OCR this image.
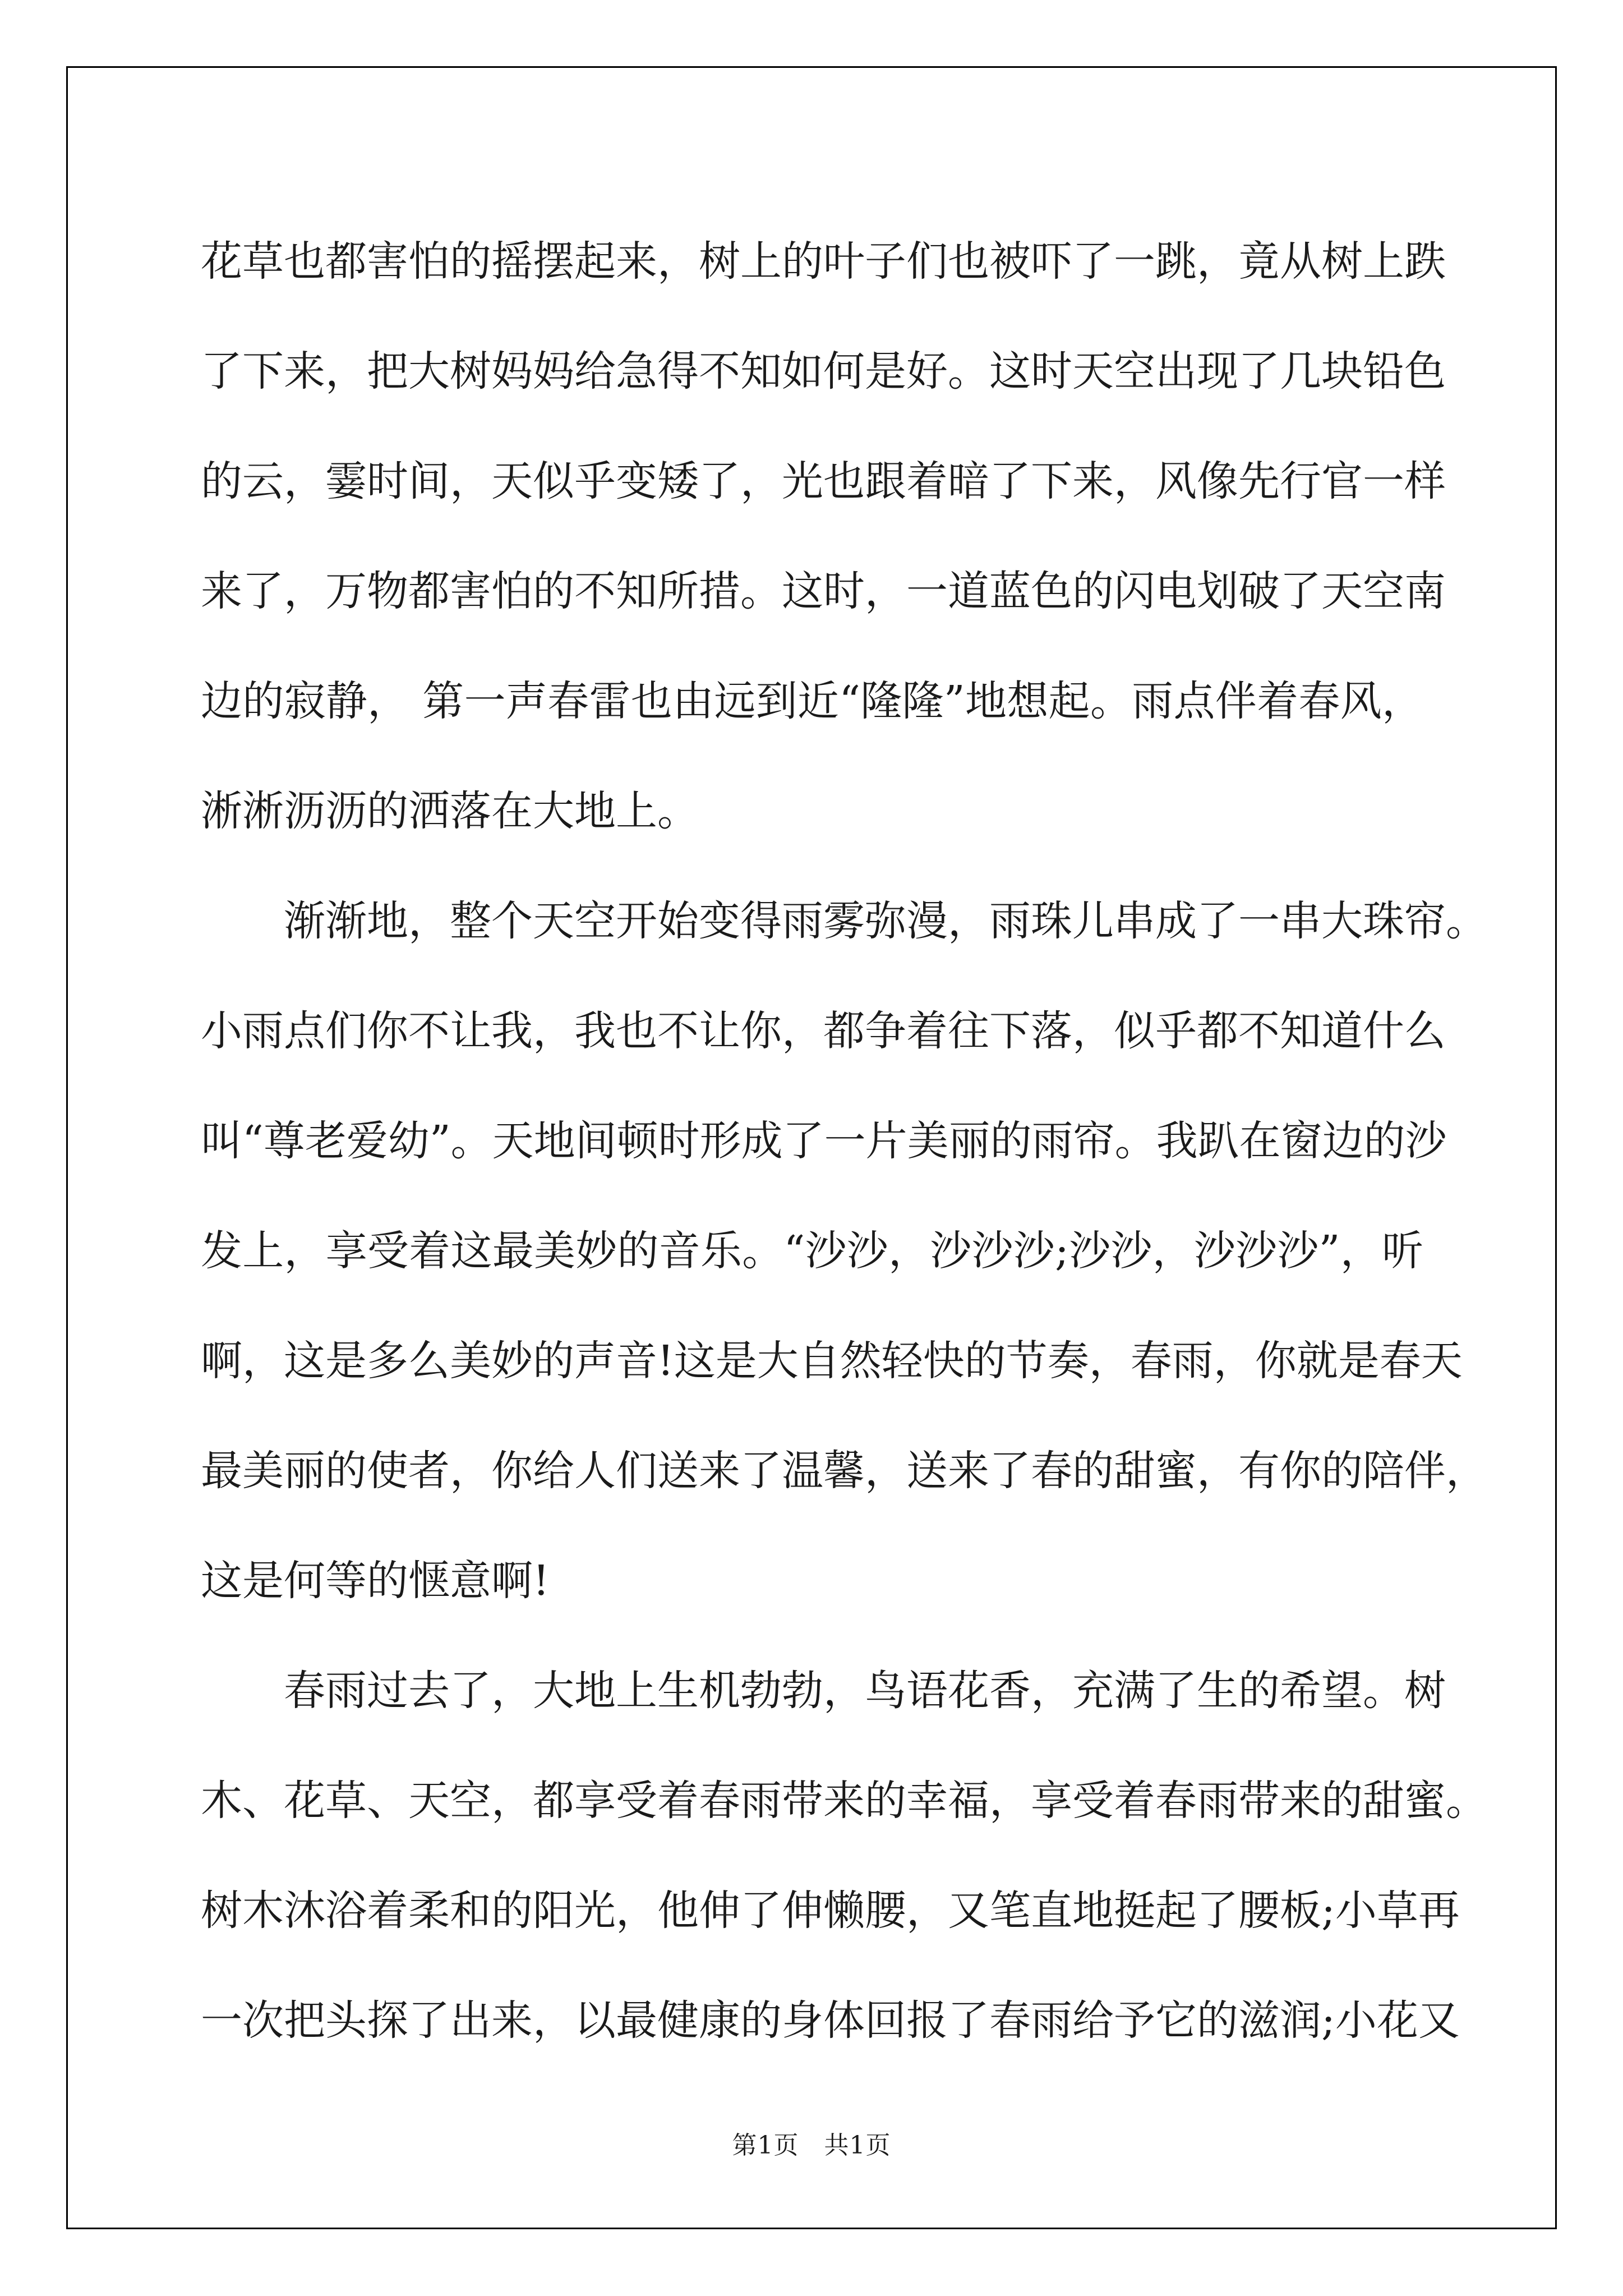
花草也都害怕的摇摆起来，树上的叶子们也被吓了一跳，竟从树上跌
了下来，把大树妈妈给急得不知如何是好。这时天空出现了几块铅色
的云，霎时间，天似乎变矮了，光也跟着暗了下来，风像先行官一样
来了，万物都害怕的不知所措。这时，一道蓝色的闪电划破了天空南
边的寂静， 第一声春雷也由远到近“隆隆”地想起。雨点伴着春风，
淅淅沥沥的洒落在大地上。
渐渐地，整个天空开始变得雨雾弥漫，雨珠儿串成了一串大珠帘。
小雨点们你不让我，我也不让你，都争着往下落，似乎都不知道什么
叫“尊老爱幼”。天地间顿时形成了一片美丽的雨帘。我趴在窗边的沙
发上，享受着这最美妙的音乐。“沙沙，沙沙沙;沙沙，沙沙沙”，听
啊，这是多么美妙的声音!这是大自然轻快的节奏，春雨，你就是春天
最美丽的使者，你给人们送来了温馨，送来了春的甜蜜，有你的陪伴，
这是何等的惬意啊!
春雨过去了，大地上生机勃勃，鸟语花香，充满了生的希望。树
木、花草、天空，都享受着春雨带来的幸福，享受着春雨带来的甜蜜。
树木沐浴着柔和的阳光，他伸了伸懒腰，又笔直地挺起了腰板;小草再
一次把头探了出来，以最健康的身体回报了春雨给予它的滋润;小花又
第1页　共1页
